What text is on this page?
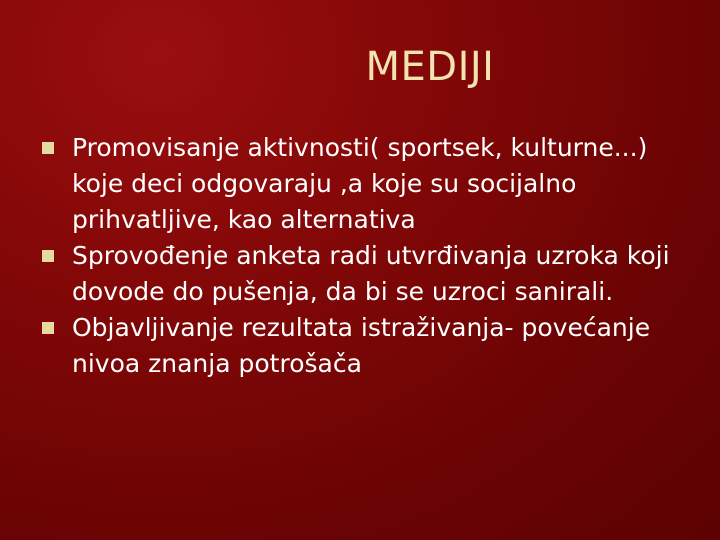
MEDIJI
Promovisanje aktivnosti( sportsek, kulturne...) koje deci odgovaraju ,a koje su socijalno prihvatljive, kao alternativa
Sprovođenje anketa radi utvrđivanja uzroka koji dovode do pušenja, da bi se uzroci sanirali.
Objavljivanje rezultata istraživanja- povećanje nivoa znanja potrošača
